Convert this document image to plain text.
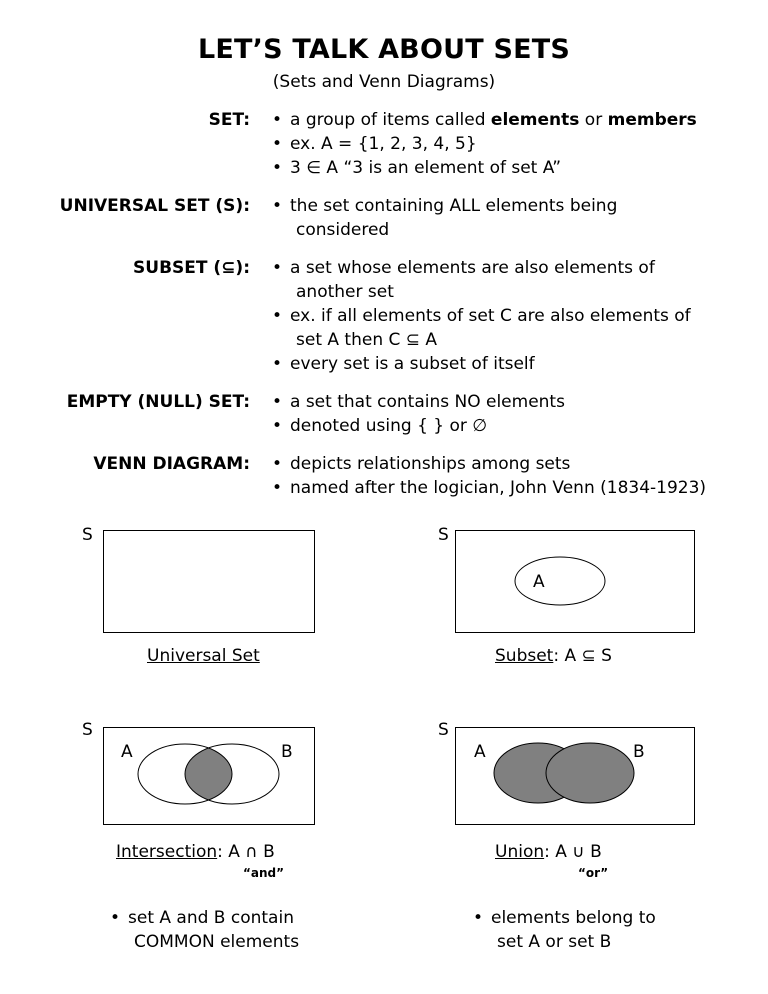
LET’S TALK ABOUT SETS
(Sets and Venn Diagrams)
SET:	• a group of items called elements or members
• ex. A = {1, 2, 3, 4, 5}
• 3 ∈ A “3 is an element of set A”
UNIVERSAL SET (S):	• the set containing ALL elements being
considered
SUBSET (⊆):	• a set whose elements are also elements of
another set
• ex. if all elements of set C are also elements of
set A then C ⊆ A
• every set is a subset of itself
EMPTY (NULL) SET:	• a set that contains NO elements
• denoted using { } or ∅
VENN DIAGRAM:	• depicts relationships among sets
• named after the logician, John Venn (1834-1923)
S
Universal Set
S
A
Subset: A ⊆ S
S
A	B
Intersection: A ∩ B
“and”
• set A and B contain
COMMON elements
S
A	B
Union: A ∪ B
“or”
• elements belong to
set A or set B
